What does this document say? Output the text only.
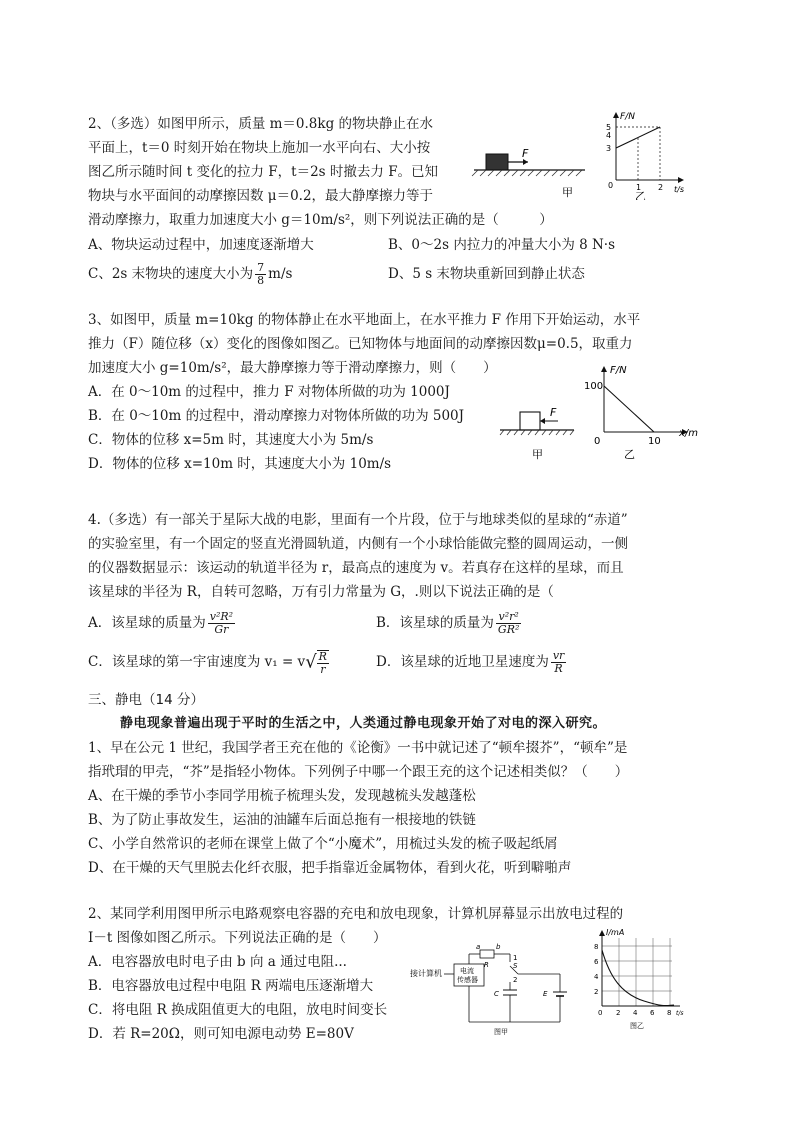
2、（多选）如图甲所示，质量 m＝0.8kg 的物块静止在水
平面上，t＝0 时刻开始在物块上施加一水平向右、大小按
图乙所示随时间 t 变化的拉力 F，t＝2s 时撤去力 F。已知
物块与水平面间的动摩擦因数 μ＝0.2，最大静摩擦力等于
滑动摩擦力，取重力加速度大小 g＝10m/s²，则下列说法正确的是（　　　）
F
甲
F/N
t/s
5
4
3
0	1 2
乙
A、物块运动过程中，加速度逐渐增大	B、0～2s 内拉力的冲量大小为 8 N·s
C、2s 末物块的速度大小为 $\frac{7}{8} m/s$	D、5 s 末物块重新回到静止状态
3、如图甲，质量 m=10kg 的物体静止在水平地面上，在水平推力 F 作用下开始运动，水平
推力（F）随位移（x）变化的图像如图乙。已知物体与地面间的动摩擦因数μ=0.5，取重力
加速度大小 g=10m/s²，最大静摩擦力等于滑动摩擦力，则（　　）
A．在 0～10m 的过程中，推力 F 对物体所做的功为 1000J
B．在 0～10m 的过程中，滑动摩擦力对物体所做的功为 500J
C．物体的位移 x=5m 时，其速度大小为 5m/s
D．物体的位移 x=10m 时，其速度大小为 10m/s
F
甲
F/N
x/m
100
0	10
乙
4.（多选）有一部关于星际大战的电影，里面有一个片段，位于与地球类似的星球的“赤道”
的实验室里，有一个固定的竖直光滑圆轨道，内侧有一个小球恰能做完整的圆周运动，一侧
的仪器数据显示：该运动的轨道半径为 r，最高点的速度为 v。若真存在这样的星球，而且
该星球的半径为 R，自转可忽略，万有引力常量为 G，.则以下说法正确的是（
A．该星球的质量为 $\frac{\text{v²R²}}{Gr}$	B．该星球的质量为 $\frac{\text{v²r²}}{\text{GR²}}$
C．该星球的第一宇宙速度为 $v_1 = v√ \frac{R}{r}$	D．该星球的近地卫星速度为 $\frac{vr}{R}$
三、静电（14 分）
静电现象普遍出现于平时的生活之中，人类通过静电现象开始了对电的深入研究。
1、早在公元 1 世纪，我国学者王充在他的《论衡》一书中就记述了“顿牟掇芥”，“顿牟”是
指玳瑁的甲壳，“芥”是指轻小物体。下列例子中哪一个跟王充的这个记述相类似？（　　）
A、在干燥的季节小李同学用梳子梳理头发，发现越梳头发越蓬松
B、为了防止事故发生，运油的油罐车后面总拖有一根接地的铁链
C、小学自然常识的老师在课堂上做了个“小魔术”，用梳过头发的梳子吸起纸屑
D、在干燥的天气里脱去化纤衣服，把手指靠近金属物体，看到火花，听到噼啪声
2、某同学利用图甲所示电路观察电容器的充电和放电现象，计算机屏幕显示出放电过程的
I－t 图像如图乙所示。下列说法正确的是（　　）
A．电容器放电时电子由 b 向 a 通过电阻...
B．电容器放电过程中电阻 R 两端电压逐渐增大
C．将电阻 R 换成阻值更大的电阻，放电时间变长
D．若 R=20Ω，则可知电源电动势 E=80V
接计算机	电流
传感器
R
a b
1
S
2
C	E
图甲
I/mA
8
6
4
2
0 2 4 6 8 t/s
图乙
